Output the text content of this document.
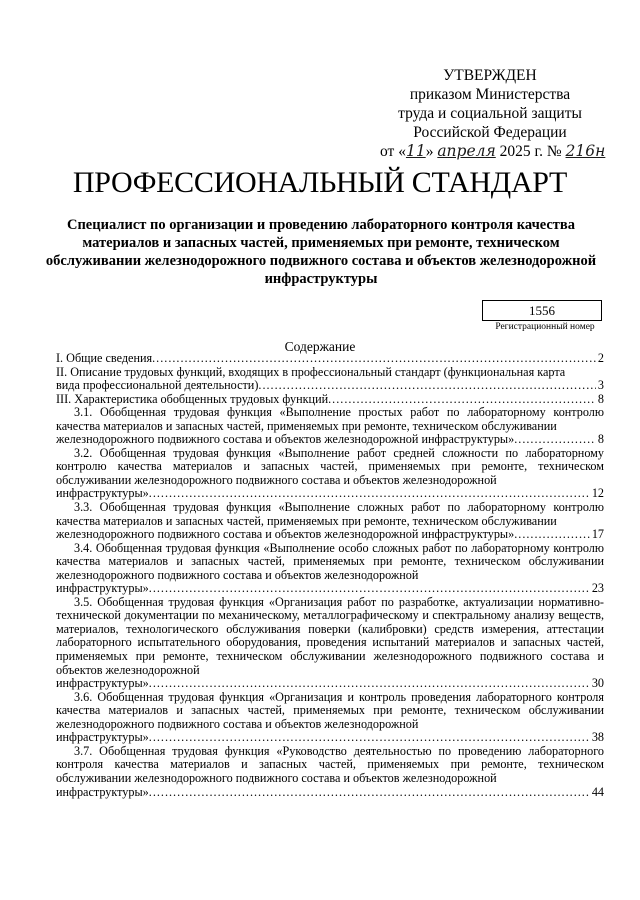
УТВЕРЖДЕН
приказом Министерства
труда и социальной защиты
Российской Федерации
от «11» апреля 2025 г. № 216н
ПРОФЕССИОНАЛЬНЫЙ СТАНДАРТ
Специалист по организации и проведению лабораторного контроля качества материалов и запасных частей, применяемых при ремонте, техническом обслуживании железнодорожного подвижного состава и объектов железнодорожной инфраструктуры
1556
Регистрационный номер
Содержание
I. Общие сведения .....	2
II. Описание трудовых функций, входящих в профессиональный стандарт (функциональная карта
вида профессиональной деятельности) .....	3
III. Характеристика обобщенных трудовых функций .....	8
3.1. Обобщенная трудовая функция «Выполнение простых работ по лабораторному контролю качества материалов и запасных частей, применяемых при ремонте, техническом обслуживании
железнодорожного подвижного состава и объектов железнодорожной инфраструктуры» .....	8
3.2. Обобщенная трудовая функция «Выполнение работ средней сложности по лабораторному контролю качества материалов и запасных частей, применяемых при ремонте, техническом обслуживании железнодорожного подвижного состава и объектов железнодорожной
инфраструктуры» .....	12
3.3. Обобщенная трудовая функция «Выполнение сложных работ по лабораторному контролю качества материалов и запасных частей, применяемых при ремонте, техническом обслуживании
железнодорожного подвижного состава и объектов железнодорожной инфраструктуры» .....	17
3.4. Обобщенная трудовая функция «Выполнение особо сложных работ по лабораторному контролю качества материалов и запасных частей, применяемых при ремонте, техническом обслуживании железнодорожного подвижного состава и объектов железнодорожной
инфраструктуры» .....	23
3.5. Обобщенная трудовая функция «Организация работ по разработке, актуализации нормативно-технической документации по механическому, металлографическому и спектральному анализу веществ, материалов, технологического обслуживания поверки (калибровки) средств измерения, аттестации лабораторного испытательного оборудования, проведения испытаний материалов и запасных частей, применяемых при ремонте, техническом обслуживании железнодорожного подвижного состава и объектов железнодорожной
инфраструктуры» .....	30
3.6. Обобщенная трудовая функция «Организация и контроль проведения лабораторного контроля качества материалов и запасных частей, применяемых при ремонте, техническом обслуживании железнодорожного подвижного состава и объектов железнодорожной
инфраструктуры» .....	38
3.7. Обобщенная трудовая функция «Руководство деятельностью по проведению лабораторного контроля качества материалов и запасных частей, применяемых при ремонте, техническом обслуживании железнодорожного подвижного состава и объектов железнодорожной
инфраструктуры» .....	44
